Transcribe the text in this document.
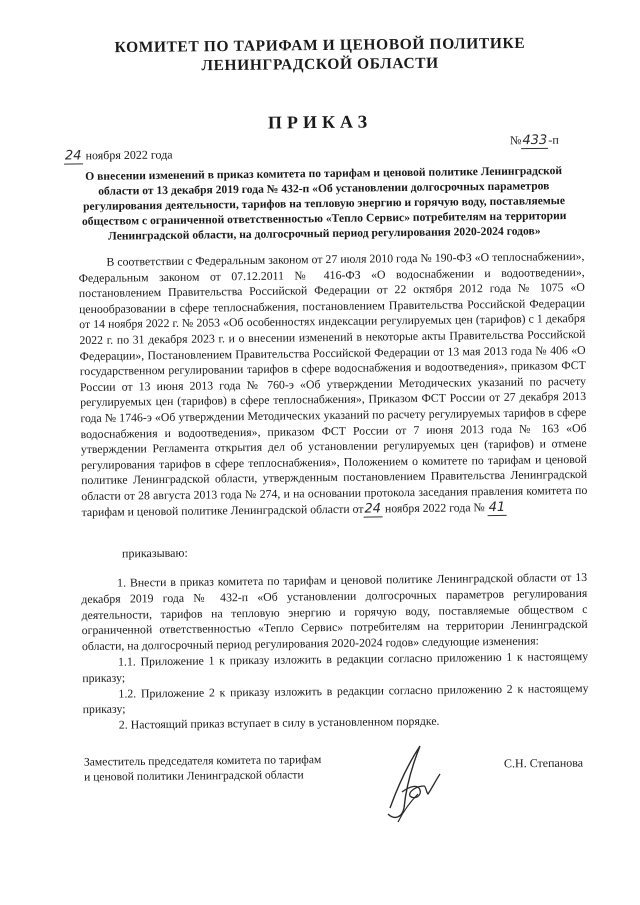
КОМИТЕТ ПО ТАРИФАМ И ЦЕНОВОЙ ПОЛИТИКЕ
ЛЕНИНГРАДСКОЙ ОБЛАСТИ
ПРИКАЗ
№433-п
24 ноября 2022 года
О внесении изменений в приказ комитета по тарифам и ценовой политике Ленинградской области от 13 декабря 2019 года № 432-п «Об установлении долгосрочных параметров регулирования деятельности, тарифов на тепловую энергию и горячую воду, поставляемые обществом с ограниченной ответственностью «Тепло Сервис» потребителям на территории Ленинградской области, на долгосрочный период регулирования 2020-2024 годов»

В соответствии с Федеральным законом от 27 июля 2010 года № 190-ФЗ «О теплоснабжении», Федеральным законом от 07.12.2011 № 416-ФЗ «О водоснабжении и водоотведении», постановлением Правительства Российской Федерации от 22 октября 2012 года № 1075 «О ценообразовании в сфере теплоснабжения, постановлением Правительства Российской Федерации от 14 ноября 2022 г. № 2053 «Об особенностях индексации регулируемых цен (тарифов) с 1 декабря 2022 г. по 31 декабря 2023 г. и о внесении изменений в некоторые акты Правительства Российской Федерации», Постановлением Правительства Российской Федерации от 13 мая 2013 года № 406 «О государственном регулировании тарифов в сфере водоснабжения и водоотведения», приказом ФСТ России от 13 июня 2013 года № 760-э «Об утверждении Методических указаний по расчету регулируемых цен (тарифов) в сфере теплоснабжения», Приказом ФСТ России от 27 декабря 2013 года № 1746-э «Об утверждении Методических указаний по расчету регулируемых тарифов в сфере водоснабжения и водоотведения», приказом ФСТ России от 7 июня 2013 года № 163 «Об утверждении Регламента открытия дел об установлении регулируемых цен (тарифов) и отмене регулирования тарифов в сфере теплоснабжения», Положением о комитете по тарифам и ценовой политике Ленинградской области, утвержденным постановлением Правительства Ленинградской области от 28 августа 2013 года № 274, и на основании протокола заседания правления комитета по тарифам и ценовой политике Ленинградской области от24 ноября 2022 года № 41

приказываю:

1. Внести в приказ комитета по тарифам и ценовой политике Ленинградской области от 13 декабря 2019 года № 432-п «Об установлении долгосрочных параметров регулирования деятельности, тарифов на тепловую энергию и горячую воду, поставляемые обществом с ограниченной ответственностью «Тепло Сервис» потребителям на территории Ленинградской области, на долгосрочный период регулирования 2020-2024 годов» следующие изменения:

1.1. Приложение 1 к приказу изложить в редакции согласно приложению 1 к настоящему приказу;

1.2. Приложение 2 к приказу изложить в редакции согласно приложению 2 к настоящему приказу;

2. Настоящий приказ вступает в силу в установленном порядке.

Заместитель председателя комитета по тарифам
и ценовой политики Ленинградской области
С.Н. Степанова
